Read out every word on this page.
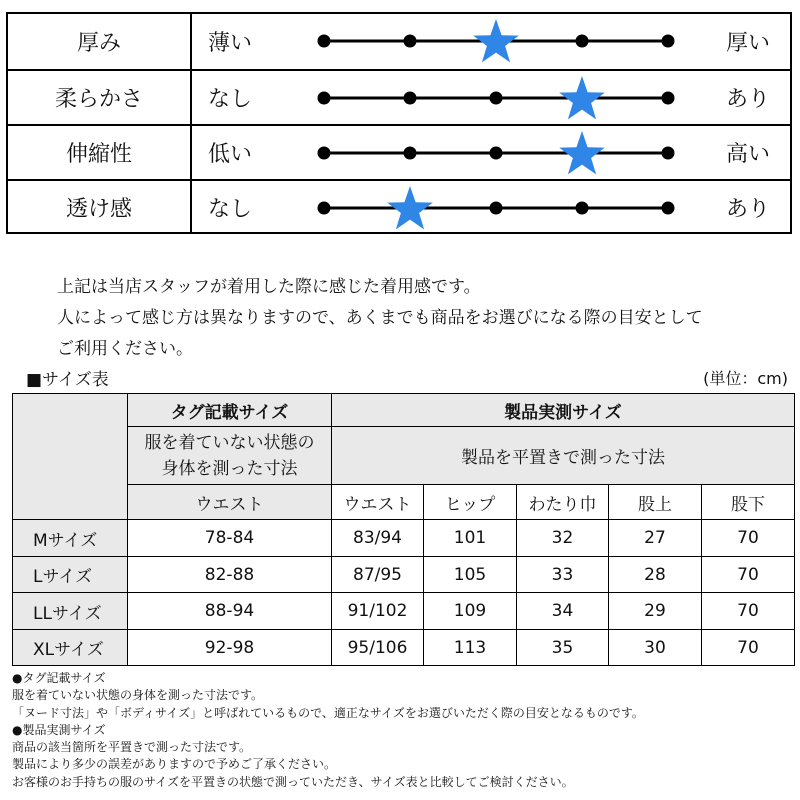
厚み	薄い	厚い
柔らかさ	なし	あり
伸縮性	低い	高い
透け感	なし	あり

上記は当店スタッフが着用した際に感じた着用感です。

人によって感じ方は異なりますので、あくまでも商品をお選びになる際の目安として

ご利用ください。

■サイズ表	(単位：cm)
	タグ記載サイズ	製品実測サイズ				
	服を着ていない状態の
身体を測った寸法	製品を平置きで測った寸法				
	ウエスト	ウエスト	ヒップ	わたり巾	股上	股下
Mサイズ	78-84	83/94	101	32	27	70
Lサイズ	82-88	87/95	105	33	28	70
LLサイズ	88-94	91/102	109	34	29	70
XLサイズ	92-98	95/106	113	35	30	70

●タグ記載サイズ

服を着ていない状態の身体を測った寸法です。

「ヌード寸法」や「ボディサイズ」と呼ばれているもので、適正なサイズをお選びいただく際の目安となるものです。

●製品実測サイズ

商品の該当箇所を平置きで測った寸法です。

製品により多少の誤差がありますので予めご了承ください。

お客様のお手持ちの服のサイズを平置きの状態で測っていただき、サイズ表と比較してご検討ください。
